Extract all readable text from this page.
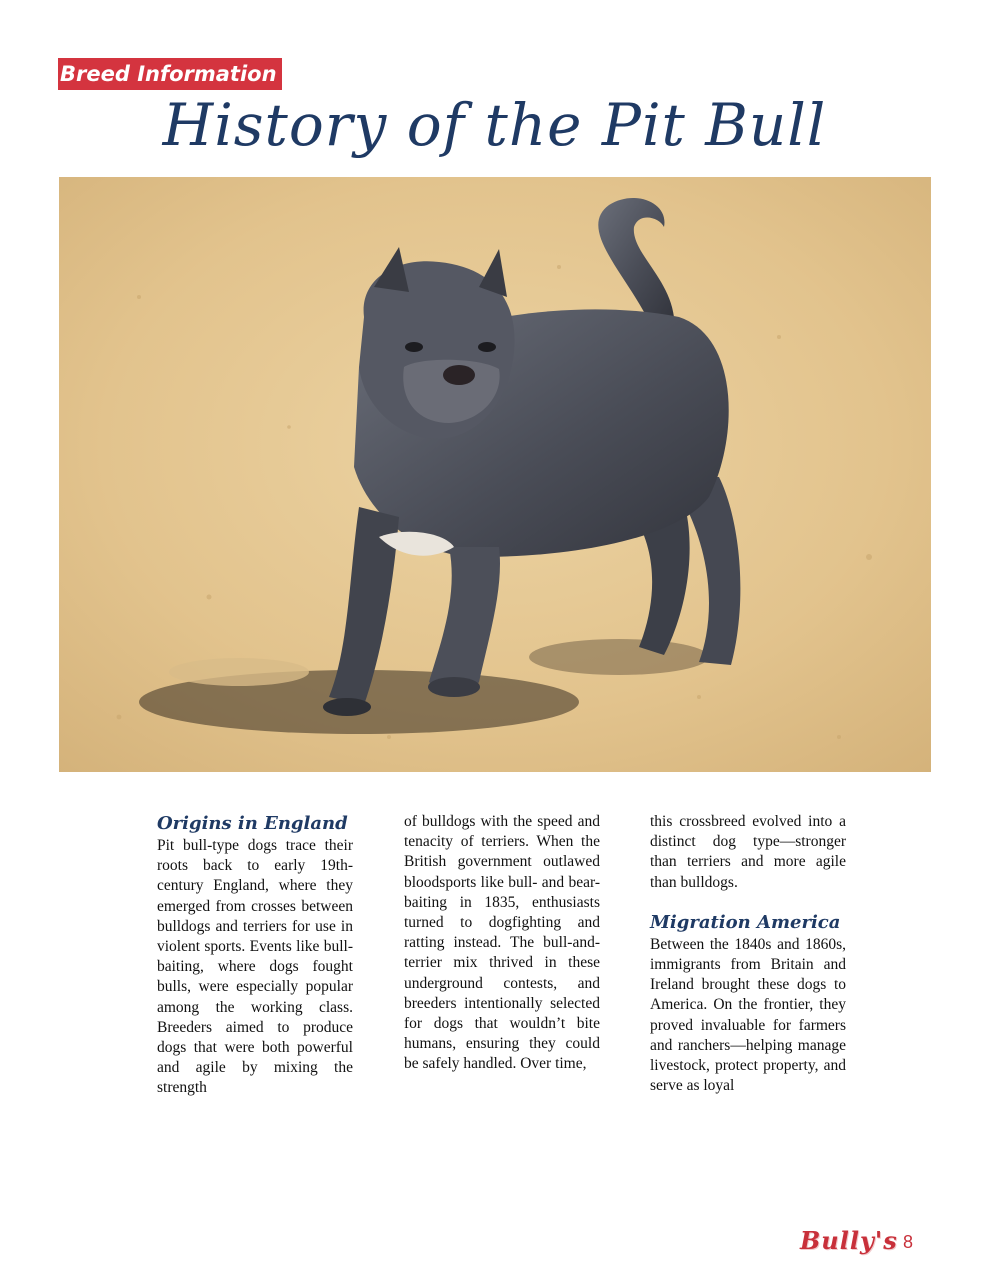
Breed Information
History of the Pit Bull
Origins in England

Pit bull-type dogs trace their roots back to early 19th-century England, where they emerged from crosses between bulldogs and terriers for use in violent sports. Events like bull-baiting, where dogs fought bulls, were especially popular among the working class. Breeders aimed to produce dogs that were both powerful and agile by mixing the strength

of bulldogs with the speed and tenacity of terriers. When the British government outlawed bloodsports like bull- and bear-baiting in 1835, enthusiasts turned to dogfighting and ratting instead. The bull-and-terrier mix thrived in these underground contests, and breeders intentionally selected for dogs that wouldn’t bite humans, ensuring they could be safely handled. Over time,

this crossbreed evolved into a distinct dog type—stronger than terriers and more agile than bulldogs.

Migration America

Between the 1840s and 1860s, immigrants from Britain and Ireland brought these dogs to America. On the frontier, they proved invaluable for farmers and ranchers—helping manage livestock, protect property, and serve as loyal

Bully's 8
